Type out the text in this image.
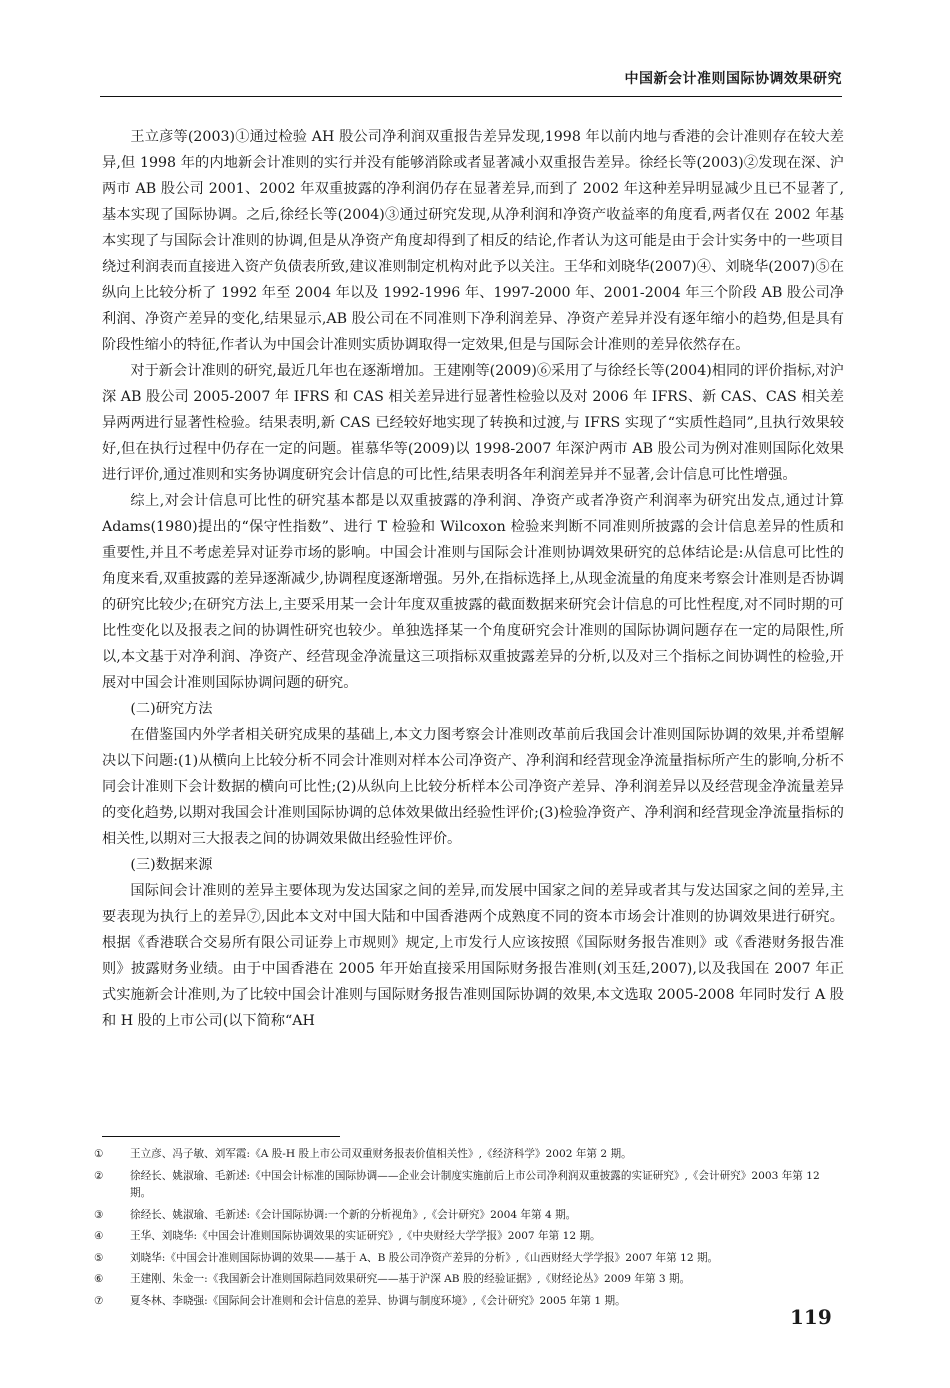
中国新会计准则国际协调效果研究

王立彦等(2003)①通过检验 AH 股公司净利润双重报告差异发现,1998 年以前内地与香港的会计准则存在较大差异,但 1998 年的内地新会计准则的实行并没有能够消除或者显著减小双重报告差异。徐经长等(2003)②发现在深、沪两市 AB 股公司 2001、2002 年双重披露的净利润仍存在显著差异,而到了 2002 年这种差异明显减少且已不显著了,基本实现了国际协调。之后,徐经长等(2004)③通过研究发现,从净利润和净资产收益率的角度看,两者仅在 2002 年基本实现了与国际会计准则的协调,但是从净资产角度却得到了相反的结论,作者认为这可能是由于会计实务中的一些项目绕过利润表而直接进入资产负债表所致,建议准则制定机构对此予以关注。王华和刘晓华(2007)④、刘晓华(2007)⑤在纵向上比较分析了 1992 年至 2004 年以及 1992-1996 年、1997-2000 年、2001-2004 年三个阶段 AB 股公司净利润、净资产差异的变化,结果显示,AB 股公司在不同准则下净利润差异、净资产差异并没有逐年缩小的趋势,但是具有阶段性缩小的特征,作者认为中国会计准则实质协调取得一定效果,但是与国际会计准则的差异依然存在。

对于新会计准则的研究,最近几年也在逐渐增加。王建刚等(2009)⑥采用了与徐经长等(2004)相同的评价指标,对沪深 AB 股公司 2005-2007 年 IFRS 和 CAS 相关差异进行显著性检验以及对 2006 年 IFRS、新 CAS、CAS 相关差异两两进行显著性检验。结果表明,新 CAS 已经较好地实现了转换和过渡,与 IFRS 实现了“实质性趋同”,且执行效果较好,但在执行过程中仍存在一定的问题。崔慕华等(2009)以 1998-2007 年深沪两市 AB 股公司为例对准则国际化效果进行评价,通过准则和实务协调度研究会计信息的可比性,结果表明各年利润差异并不显著,会计信息可比性增强。

综上,对会计信息可比性的研究基本都是以双重披露的净利润、净资产或者净资产利润率为研究出发点,通过计算 Adams(1980)提出的“保守性指数”、进行 T 检验和 Wilcoxon 检验来判断不同准则所披露的会计信息差异的性质和重要性,并且不考虑差异对证券市场的影响。中国会计准则与国际会计准则协调效果研究的总体结论是:从信息可比性的角度来看,双重披露的差异逐渐减少,协调程度逐渐增强。另外,在指标选择上,从现金流量的角度来考察会计准则是否协调的研究比较少;在研究方法上,主要采用某一会计年度双重披露的截面数据来研究会计信息的可比性程度,对不同时期的可比性变化以及报表之间的协调性研究也较少。单独选择某一个角度研究会计准则的国际协调问题存在一定的局限性,所以,本文基于对净利润、净资产、经营现金净流量这三项指标双重披露差异的分析,以及对三个指标之间协调性的检验,开展对中国会计准则国际协调问题的研究。

(二)研究方法

在借鉴国内外学者相关研究成果的基础上,本文力图考察会计准则改革前后我国会计准则国际协调的效果,并希望解决以下问题:(1)从横向上比较分析不同会计准则对样本公司净资产、净利润和经营现金净流量指标所产生的影响,分析不同会计准则下会计数据的横向可比性;(2)从纵向上比较分析样本公司净资产差异、净利润差异以及经营现金净流量差异的变化趋势,以期对我国会计准则国际协调的总体效果做出经验性评价;(3)检验净资产、净利润和经营现金净流量指标的相关性,以期对三大报表之间的协调效果做出经验性评价。

(三)数据来源

国际间会计准则的差异主要体现为发达国家之间的差异,而发展中国家之间的差异或者其与发达国家之间的差异,主要表现为执行上的差异⑦,因此本文对中国大陆和中国香港两个成熟度不同的资本市场会计准则的协调效果进行研究。根据《香港联合交易所有限公司证券上市规则》规定,上市发行人应该按照《国际财务报告准则》或《香港财务报告准则》披露财务业绩。由于中国香港在 2005 年开始直接采用国际财务报告准则(刘玉廷,2007),以及我国在 2007 年正式实施新会计准则,为了比较中国会计准则与国际财务报告准则国际协调的效果,本文选取 2005-2008 年同时发行 A 股和 H 股的上市公司(以下简称“AH

①	王立彦、冯子敏、刘军霞:《A 股-H 股上市公司双重财务报表价值相关性》,《经济科学》2002 年第 2 期。
②	徐经长、姚淑瑜、毛新述:《中国会计标准的国际协调——企业会计制度实施前后上市公司净利润双重披露的实证研究》,《会计研究》2003 年第 12 期。
③	徐经长、姚淑瑜、毛新述:《会计国际协调:一个新的分析视角》,《会计研究》2004 年第 4 期。
④	王华、刘晓华:《中国会计准则国际协调效果的实证研究》,《中央财经大学学报》2007 年第 12 期。
⑤	刘晓华:《中国会计准则国际协调的效果——基于 A、B 股公司净资产差异的分析》,《山西财经大学学报》2007 年第 12 期。
⑥	王建刚、朱金一:《我国新会计准则国际趋同效果研究——基于沪深 AB 股的经验证据》,《财经论丛》2009 年第 3 期。
⑦	夏冬林、李晓强:《国际间会计准则和会计信息的差异、协调与制度环境》,《会计研究》2005 年第 1 期。
119
